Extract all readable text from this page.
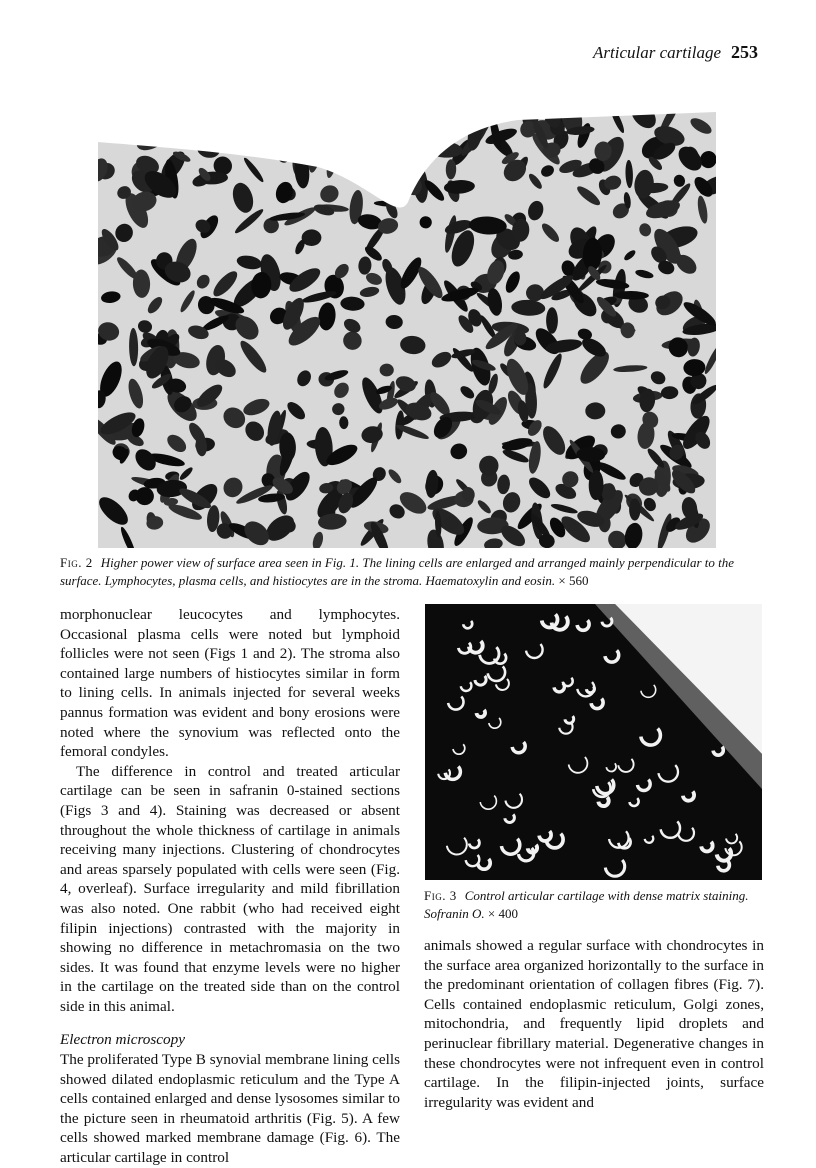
Articular cartilage 253
Fig. 2 Higher power view of surface area seen in Fig. 1. The lining cells are enlarged and arranged mainly perpendicular to the surface. Lymphocytes, plasma cells, and histiocytes are in the stroma. Haematoxylin and eosin. × 560

morphonuclear leucocytes and lymphocytes. Occasional plasma cells were noted but lymphoid follicles were not seen (Figs 1 and 2). The stroma also contained large numbers of histiocytes similar in form to lining cells. In animals injected for several weeks pannus formation was evident and bony erosions were noted where the synovium was reflected onto the femoral condyles.

The difference in control and treated articular cartilage can be seen in safranin 0-stained sections (Figs 3 and 4). Staining was decreased or absent throughout the whole thickness of cartilage in animals receiving many injections. Clustering of chondrocytes and areas sparsely populated with cells were seen (Fig. 4, overleaf). Surface irregularity and mild fibrillation was also noted. One rabbit (who had received eight filipin injections) contrasted with the majority in showing no difference in metachromasia on the two sides. It was found that enzyme levels were no higher in the cartilage on the treated side than on the control side in this animal.

Electron microscopy

The proliferated Type B synovial membrane lining cells showed dilated endoplasmic reticulum and the Type A cells contained enlarged and dense lysosomes similar to the picture seen in rheumatoid arthritis (Fig. 5). A few cells showed marked membrane damage (Fig. 6). The articular cartilage in control

Fig. 3 Control articular cartilage with dense matrix staining. Sofranin O. × 400

animals showed a regular surface with chondrocytes in the surface area organized horizontally to the surface in the predominant orientation of collagen fibres (Fig. 7). Cells contained endoplasmic reticulum, Golgi zones, mitochondria, and frequently lipid droplets and perinuclear fibrillary material. Degenerative changes in these chondrocytes were not infrequent even in control cartilage. In the filipin-injected joints, surface irregularity was evident and
